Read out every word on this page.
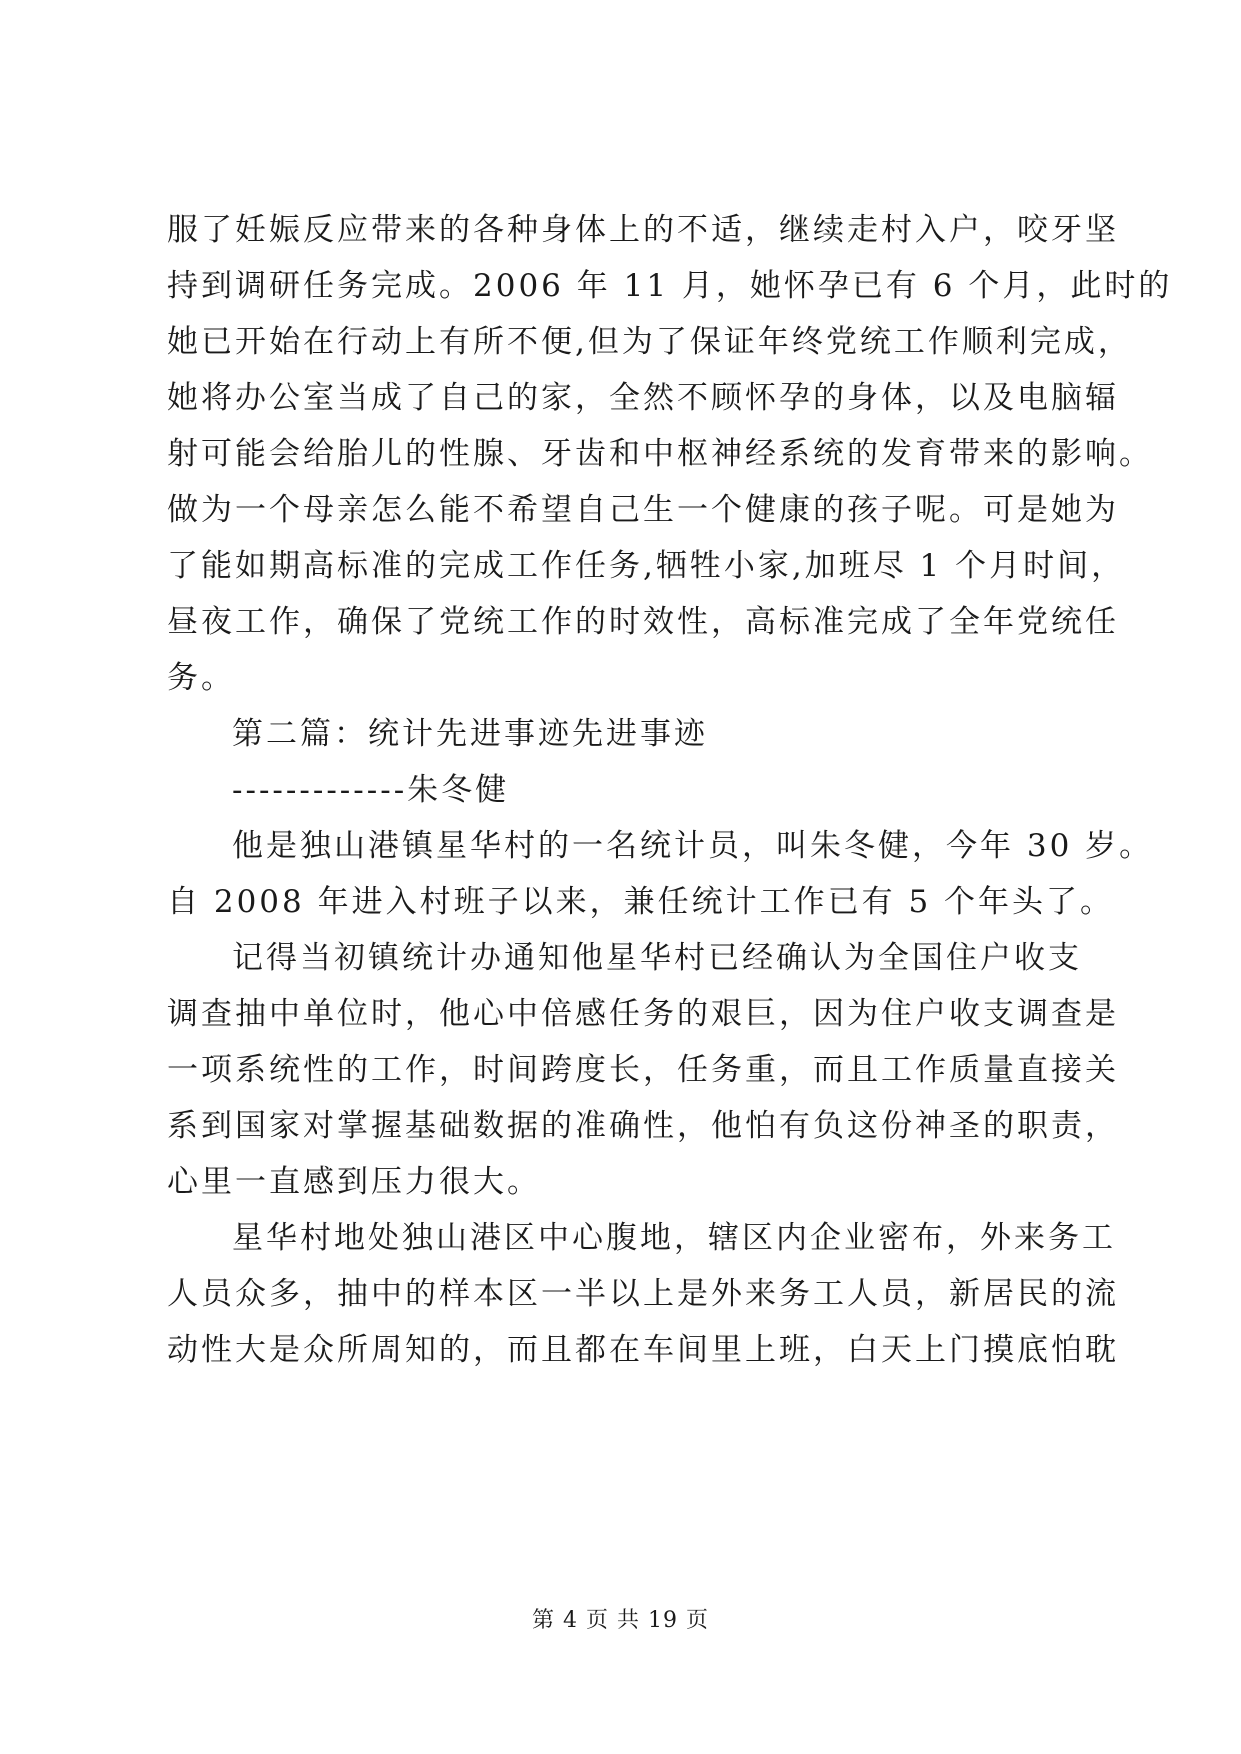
服了妊娠反应带来的各种身体上的不适，继续走村入户，咬牙坚
持到调研任务完成。2006 年 11 月，她怀孕已有 6 个月，此时的
她已开始在行动上有所不便,但为了保证年终党统工作顺利完成，
她将办公室当成了自己的家，全然不顾怀孕的身体，以及电脑辐
射可能会给胎儿的性腺、牙齿和中枢神经系统的发育带来的影响。
做为一个母亲怎么能不希望自己生一个健康的孩子呢。可是她为
了能如期高标准的完成工作任务,牺牲小家,加班尽 1 个月时间，
昼夜工作，确保了党统工作的时效性，高标准完成了全年党统任
务。
第二篇：统计先进事迹先进事迹
-------------朱冬健
他是独山港镇星华村的一名统计员，叫朱冬健，今年 30 岁。
自 2008 年进入村班子以来，兼任统计工作已有 5 个年头了。
记得当初镇统计办通知他星华村已经确认为全国住户收支
调查抽中单位时，他心中倍感任务的艰巨，因为住户收支调查是
一项系统性的工作，时间跨度长，任务重，而且工作质量直接关
系到国家对掌握基础数据的准确性，他怕有负这份神圣的职责，
心里一直感到压力很大。
星华村地处独山港区中心腹地，辖区内企业密布，外来务工
人员众多，抽中的样本区一半以上是外来务工人员，新居民的流
动性大是众所周知的，而且都在车间里上班，白天上门摸底怕耽
第 4 页 共 19 页
